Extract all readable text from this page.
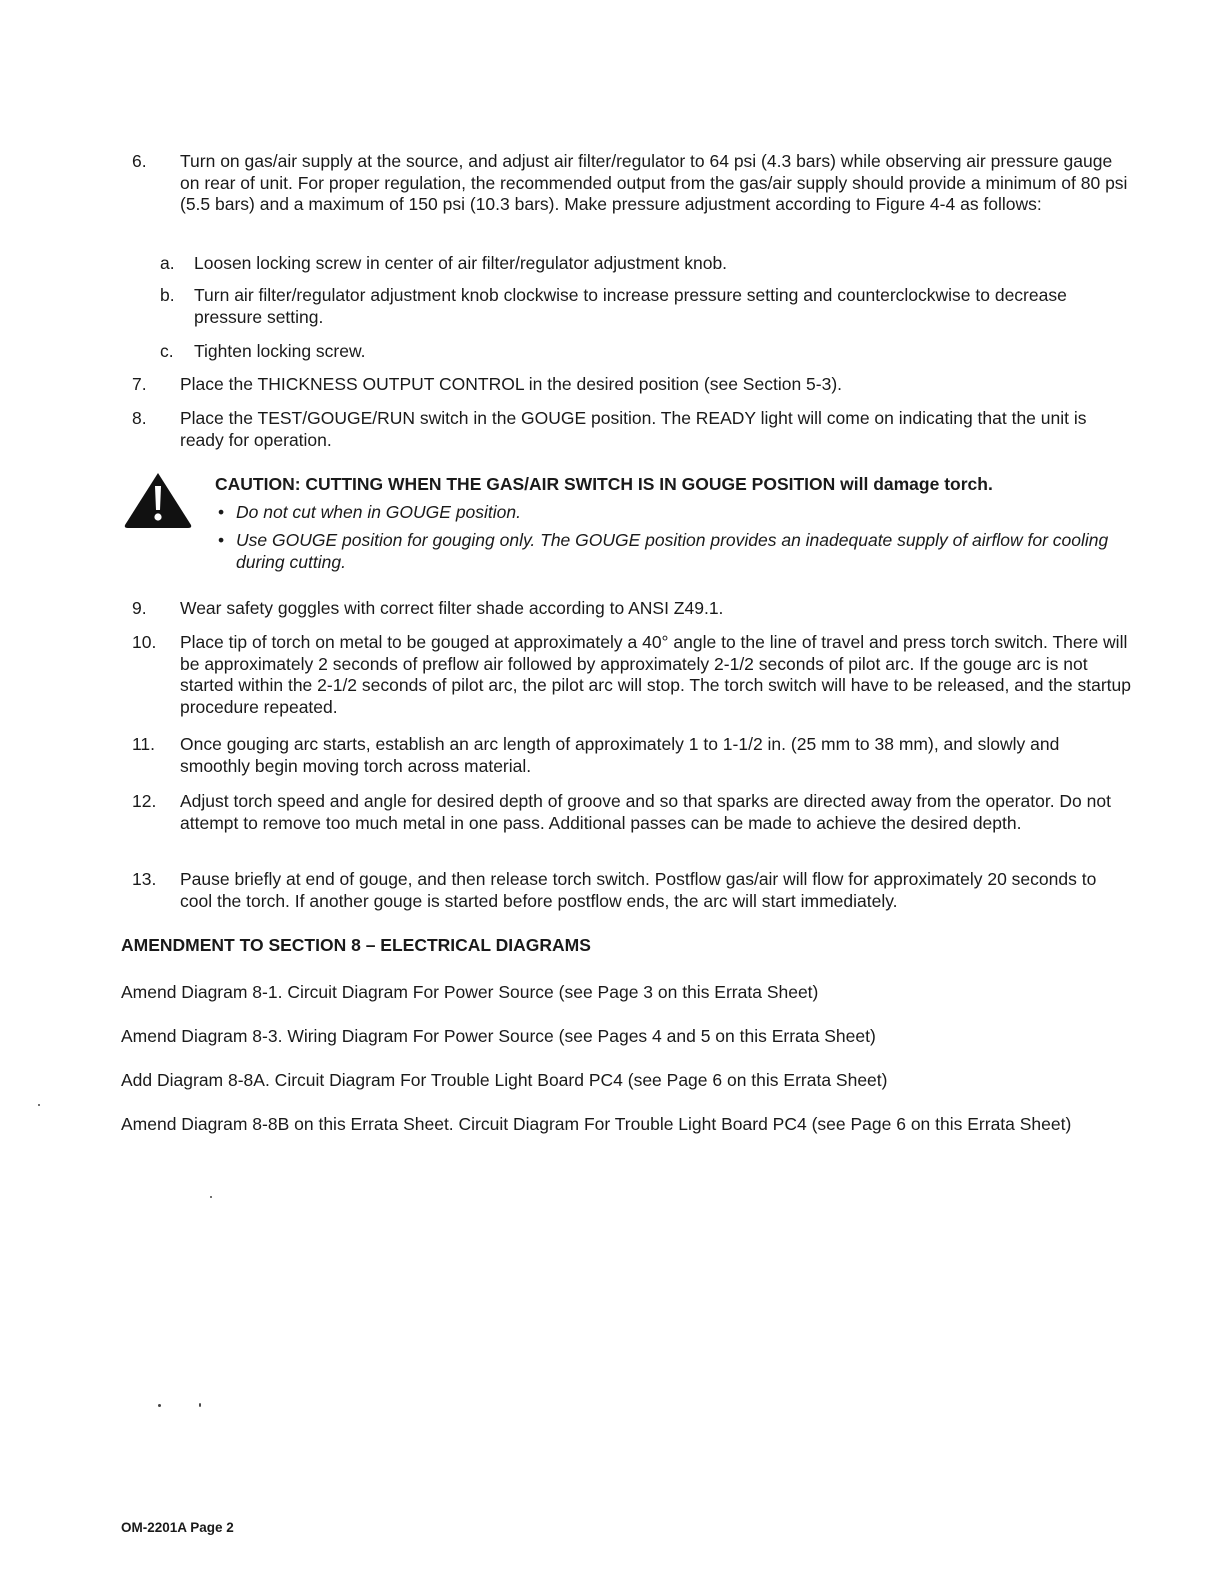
6. Turn on gas/air supply at the source, and adjust air filter/regulator to 64 psi (4.3 bars) while observing air pressure gauge on rear of unit. For proper regulation, the recommended output from the gas/air supply should provide a minimum of 80 psi (5.5 bars) and a maximum of 150 psi (10.3 bars). Make pressure adjustment according to Figure 4-4 as follows:
a. Loosen locking screw in center of air filter/regulator adjustment knob.
b. Turn air filter/regulator adjustment knob clockwise to increase pressure setting and counterclockwise to decrease pressure setting.
c. Tighten locking screw.
7. Place the THICKNESS OUTPUT CONTROL in the desired position (see Section 5-3).
8. Place the TEST/GOUGE/RUN switch in the GOUGE position. The READY light will come on indicating that the unit is ready for operation.
CAUTION: CUTTING WHEN THE GAS/AIR SWITCH IS IN GOUGE POSITION will damage torch.
• Do not cut when in GOUGE position.
• Use GOUGE position for gouging only. The GOUGE position provides an inadequate supply of airflow for cooling during cutting.
9. Wear safety goggles with correct filter shade according to ANSI Z49.1.
10. Place tip of torch on metal to be gouged at approximately a 40° angle to the line of travel and press torch switch. There will be approximately 2 seconds of preflow air followed by approximately 2-1/2 seconds of pilot arc. If the gouge arc is not started within the 2-1/2 seconds of pilot arc, the pilot arc will stop. The torch switch will have to be released, and the startup procedure repeated.
11. Once gouging arc starts, establish an arc length of approximately 1 to 1-1/2 in. (25 mm to 38 mm), and slowly and smoothly begin moving torch across material.
12. Adjust torch speed and angle for desired depth of groove and so that sparks are directed away from the operator. Do not attempt to remove too much metal in one pass. Additional passes can be made to achieve the desired depth.
13. Pause briefly at end of gouge, and then release torch switch. Postflow gas/air will flow for approximately 20 seconds to cool the torch. If another gouge is started before postflow ends, the arc will start immediately.
AMENDMENT TO SECTION 8 – ELECTRICAL DIAGRAMS
Amend Diagram 8-1. Circuit Diagram For Power Source (see Page 3 on this Errata Sheet)
Amend Diagram 8-3. Wiring Diagram For Power Source (see Pages 4 and 5 on this Errata Sheet)
Add Diagram 8-8A. Circuit Diagram For Trouble Light Board PC4 (see Page 6 on this Errata Sheet)
Amend Diagram 8-8B on this Errata Sheet. Circuit Diagram For Trouble Light Board PC4 (see Page 6 on this Errata Sheet)
OM-2201A Page 2
